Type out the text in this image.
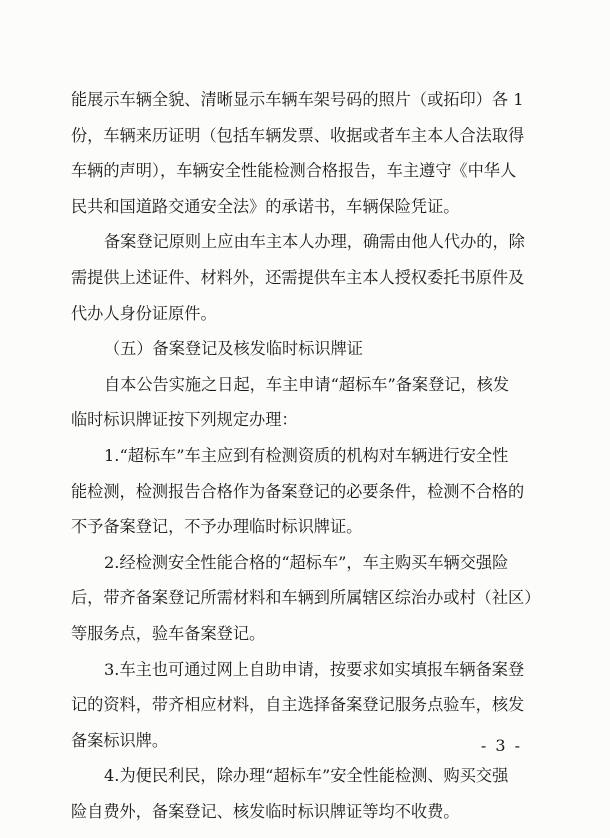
能展示车辆全貌、清晰显示车辆车架号码的照片（或拓印）各 1
份，车辆来历证明（包括车辆发票、收据或者车主本人合法取得
车辆的声明），车辆安全性能检测合格报告，车主遵守《中华人
民共和国道路交通安全法》的承诺书，车辆保险凭证。
备案登记原则上应由车主本人办理，确需由他人代办的，除
需提供上述证件、材料外，还需提供车主本人授权委托书原件及
代办人身份证原件。
（五）备案登记及核发临时标识牌证
自本公告实施之日起，车主申请“超标车”备案登记，核发
临时标识牌证按下列规定办理：
1.“超标车”车主应到有检测资质的机构对车辆进行安全性
能检测，检测报告合格作为备案登记的必要条件，检测不合格的
不予备案登记，不予办理临时标识牌证。
2.经检测安全性能合格的“超标车”，车主购买车辆交强险
后，带齐备案登记所需材料和车辆到所属辖区综治办或村（社区）
等服务点，验车备案登记。
3.车主也可通过网上自助申请，按要求如实填报车辆备案登
记的资料，带齐相应材料，自主选择备案登记服务点验车，核发
备案标识牌。
4.为便民利民，除办理“超标车”安全性能检测、购买交强
险自费外，备案登记、核发临时标识牌证等均不收费。
- 3 -
